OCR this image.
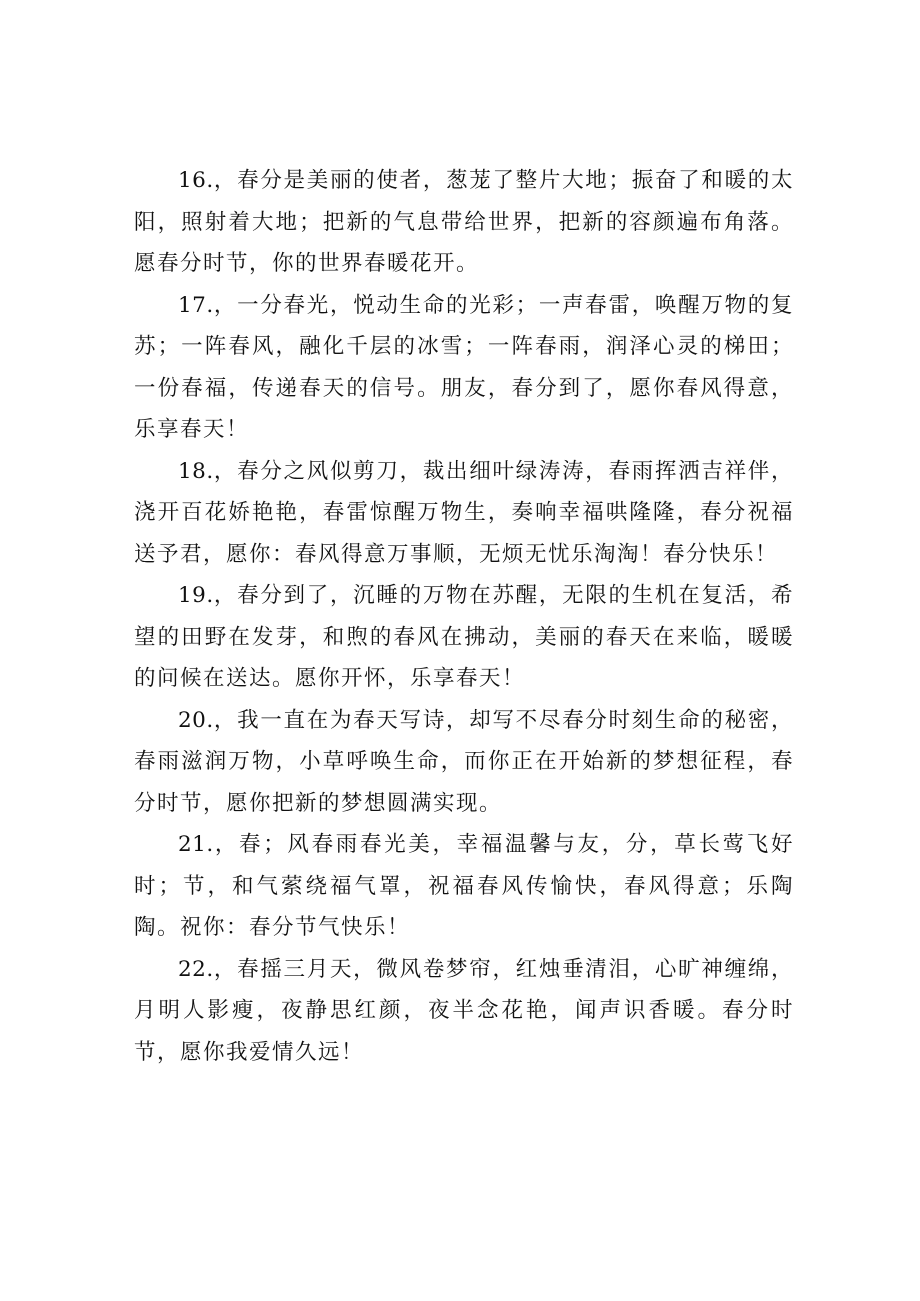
16.，春分是美丽的使者，葱茏了整片大地；振奋了和暖的太阳，照射着大地；把新的气息带给世界，把新的容颜遍布角落。愿春分时节，你的世界春暖花开。

17.，一分春光，悦动生命的光彩；一声春雷，唤醒万物的复苏；一阵春风，融化千层的冰雪；一阵春雨，润泽心灵的梯田；一份春福，传递春天的信号。朋友，春分到了，愿你春风得意，乐享春天！

18.，春分之风似剪刀，裁出细叶绿涛涛，春雨挥洒吉祥伴，浇开百花娇艳艳，春雷惊醒万物生，奏响幸福哄隆隆，春分祝福送予君，愿你：春风得意万事顺，无烦无忧乐淘淘！春分快乐！

19.，春分到了，沉睡的万物在苏醒，无限的生机在复活，希望的田野在发芽，和煦的春风在拂动，美丽的春天在来临，暖暖的问候在送达。愿你开怀，乐享春天！

20.，我一直在为春天写诗，却写不尽春分时刻生命的秘密，春雨滋润万物，小草呼唤生命，而你正在开始新的梦想征程，春分时节，愿你把新的梦想圆满实现。

21.，春；风春雨春光美，幸福温馨与友，分，草长莺飞好时；节，和气萦绕福气罩，祝福春风传愉快，春风得意；乐陶陶。祝你：春分节气快乐！

22.，春摇三月天，微风卷梦帘，红烛垂清泪，心旷神缠绵，月明人影瘦，夜静思红颜，夜半念花艳，闻声识香暖。春分时节，愿你我爱情久远！
